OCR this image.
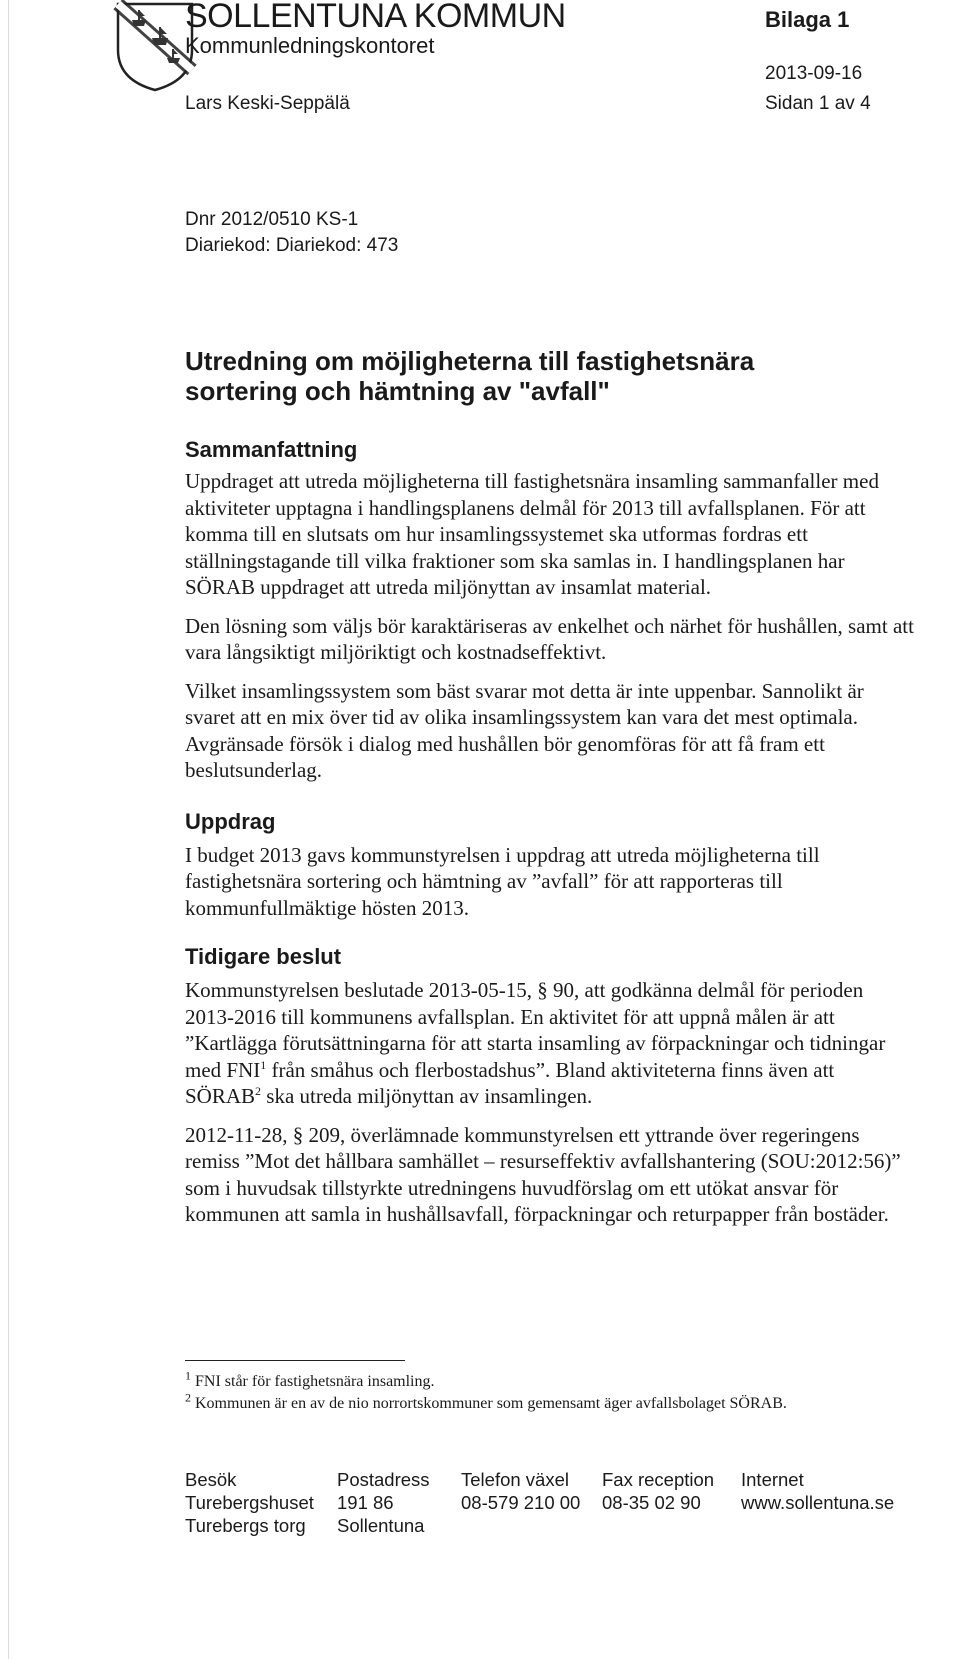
SOLLENTUNA KOMMUN
Kommunledningskontoret
Bilaga 1
2013-09-16
Sidan 1 av 4
Lars Keski-Seppälä
Dnr 2012/0510 KS-1
Diariekod: Diariekod: 473
Utredning om möjligheterna till fastighetsnära
sortering och hämtning av "avfall"
Sammanfattning

Uppdraget att utreda möjligheterna till fastighetsnära insamling sammanfaller med aktiviteter upptagna i handlingsplanens delmål för 2013 till avfallsplanen. För att komma till en slutsats om hur insamlingssystemet ska utformas fordras ett ställningstagande till vilka fraktioner som ska samlas in. I handlingsplanen har SÖRAB uppdraget att utreda miljönyttan av insamlat material.

Den lösning som väljs bör karaktäriseras av enkelhet och närhet för hushållen, samt att vara långsiktigt miljöriktigt och kostnadseffektivt.

Vilket insamlingssystem som bäst svarar mot detta är inte uppenbar. Sannolikt är svaret att en mix över tid av olika insamlingssystem kan vara det mest optimala. Avgränsade försök i dialog med hushållen bör genomföras för att få fram ett beslutsunderlag.

Uppdrag

I budget 2013 gavs kommunstyrelsen i uppdrag att utreda möjligheterna till fastighetsnära sortering och hämtning av ”avfall” för att rapporteras till kommunfullmäktige hösten 2013.

Tidigare beslut

Kommunstyrelsen beslutade 2013-05-15, § 90, att godkänna delmål för perioden 2013-2016 till kommunens avfallsplan. En aktivitet för att uppnå målen är att ”Kartlägga förutsättningarna för att starta insamling av förpackningar och tidningar med FNI$^1$ från småhus och flerbostadshus”. Bland aktiviteterna finns även att SÖRAB$^2$ ska utreda miljönyttan av insamlingen.

2012-11-28, § 209, överlämnade kommunstyrelsen ett yttrande över regeringens remiss ”Mot det hållbara samhället – resurseffektiv avfallshantering (SOU:2012:56)” som i huvudsak tillstyrkte utredningens huvudförslag om ett utökat ansvar för kommunen att samla in hushållsavfall, förpackningar och returpapper från bostäder.

$^1$ FNI står för fastighetsnära insamling.

$^2$ Kommunen är en av de nio norrortskommuner som gemensamt äger avfallsbolaget SÖRAB.

Besök
Turebergshuset
Turebergs torg
Postadress
191 86
Sollentuna
Telefon växel
08-579 210 00
Fax reception
08-35 02 90
Internet
www.sollentuna.se
